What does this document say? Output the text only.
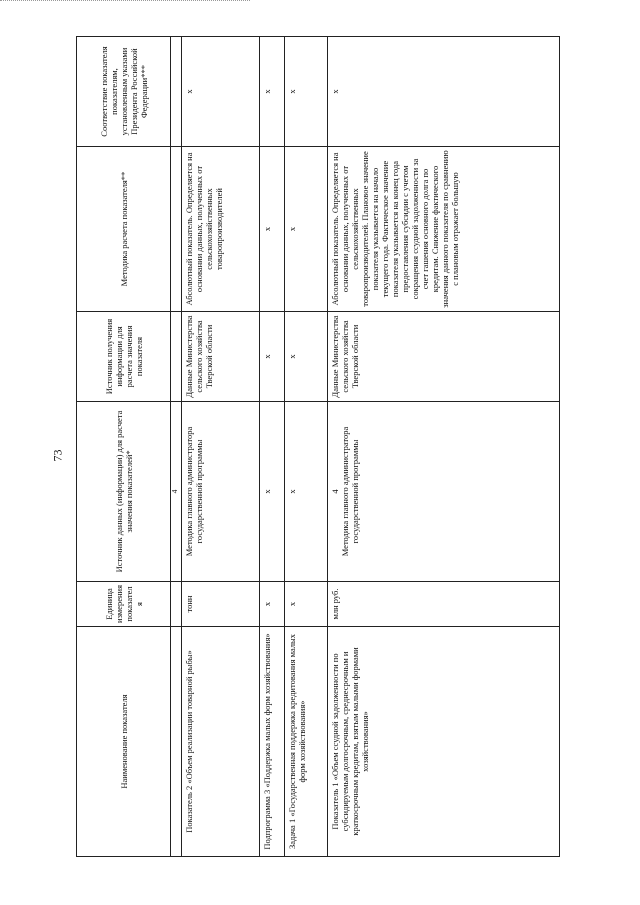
73
Наименование показателя	Единица измерения показателя	Источник данных (информации) для расчета значения показателей*	Источник получения информации для расчета значения показателя	Методика расчета показателя**	Соответствие показателя показателям, установленным указами Президента Российской Федерации***
		4			
Показатель 2 «Объем реализации товарной рыбы»	тонн	Методика главного администратора государственной программы	Данные Министерства сельского хозяйства Тверской области	Абсолютный показатель. Определяется на основании данных, полученных от сельскохозяйственных товаропроизводителей	х
Подпрограмма 3 «Поддержка малых форм хозяйствования»	х	х	х	х	х
Задача 1 «Государственная поддержка кредитования малых форм хозяйствования»	х	х	х	х	х
Показатель 1 «Объем ссудной задолженности по субсидируемым долгосрочным, среднесрочным и краткосрочным кредитам, взятым малыми формами хозяйствования»	млн руб.	4 Методика главного администратора государственной программы	Данные Министерства сельского хозяйства Тверской области	Абсолютный показатель. Определяется на основании данных, полученных от сельскохозяйственных товаропроизводителей. Плановое значение показателя указывается на начало текущего года. Фактическое значение показателя указывается на конец года предоставления субсидии с учетом сокращения ссудной задолженности за счет гашения основного долга по кредитам. Снижение фактического значения данного показателя по сравнению с плановым отражает большую	х
